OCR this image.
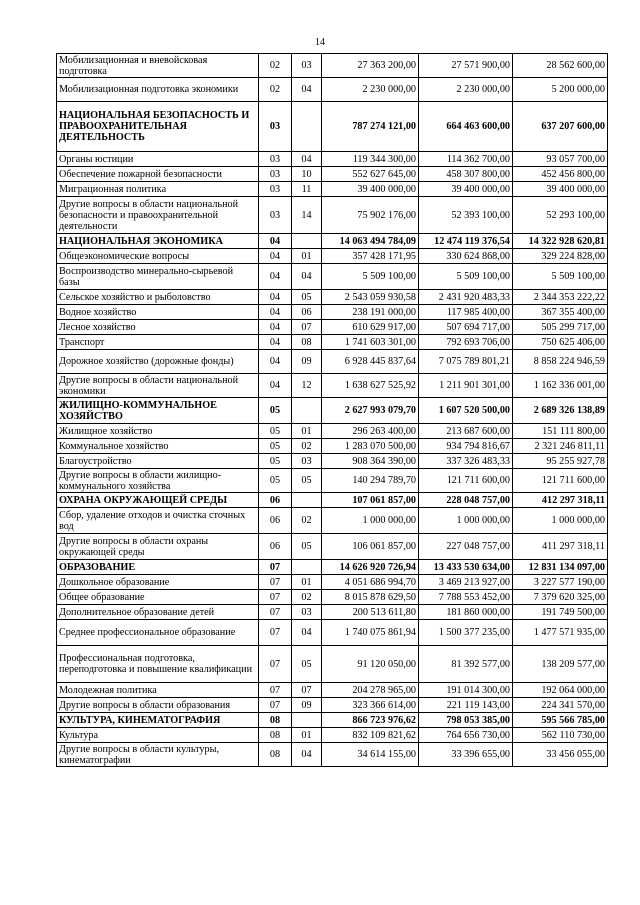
14
Мобилизационная и вневойсковая подготовка	02	03	27 363 200,00	27 571 900,00	28 562 600,00
Мобилизационная подготовка экономики	02	04	2 230 000,00	2 230 000,00	5 200 000,00
НАЦИОНАЛЬНАЯ БЕЗОПАСНОСТЬ И ПРАВООХРАНИТЕЛЬНАЯ ДЕЯТЕЛЬНОСТЬ	03		787 274 121,00	664 463 600,00	637 207 600,00
Органы юстиции	03	04	119 344 300,00	114 362 700,00	93 057 700,00
Обеспечение пожарной безопасности	03	10	552 627 645,00	458 307 800,00	452 456 800,00
Миграционная политика	03	11	39 400 000,00	39 400 000,00	39 400 000,00
Другие вопросы в области национальной безопасности и правоохранительной деятельности	03	14	75 902 176,00	52 393 100,00	52 293 100,00
НАЦИОНАЛЬНАЯ ЭКОНОМИКА	04		14 063 494 784,09	12 474 119 376,54	14 322 928 620,81
Общеэкономические вопросы	04	01	357 428 171,95	330 624 868,00	329 224 828,00
Воспроизводство минерально-сырьевой базы	04	04	5 509 100,00	5 509 100,00	5 509 100,00
Сельское хозяйство и рыболовство	04	05	2 543 059 930,58	2 431 920 483,33	2 344 353 222,22
Водное хозяйство	04	06	238 191 000,00	117 985 400,00	367 355 400,00
Лесное хозяйство	04	07	610 629 917,00	507 694 717,00	505 299 717,00
Транспорт	04	08	1 741 603 301,00	792 693 706,00	750 625 406,00
Дорожное хозяйство (дорожные фонды)	04	09	6 928 445 837,64	7 075 789 801,21	8 858 224 946,59
Другие вопросы в области национальной экономики	04	12	1 638 627 525,92	1 211 901 301,00	1 162 336 001,00
ЖИЛИЩНО-КОММУНАЛЬНОЕ ХОЗЯЙСТВО	05		2 627 993 079,70	1 607 520 500,00	2 689 326 138,89
Жилищное хозяйство	05	01	296 263 400,00	213 687 600,00	151 111 800,00
Коммунальное хозяйство	05	02	1 283 070 500,00	934 794 816,67	2 321 246 811,11
Благоустройство	05	03	908 364 390,00	337 326 483,33	95 255 927,78
Другие вопросы в области жилищно-коммунального хозяйства	05	05	140 294 789,70	121 711 600,00	121 711 600,00
ОХРАНА ОКРУЖАЮЩЕЙ СРЕДЫ	06		107 061 857,00	228 048 757,00	412 297 318,11
Сбор, удаление отходов и очистка сточных вод	06	02	1 000 000,00	1 000 000,00	1 000 000,00
Другие вопросы в области охраны окружающей среды	06	05	106 061 857,00	227 048 757,00	411 297 318,11
ОБРАЗОВАНИЕ	07		14 626 920 726,94	13 433 530 634,00	12 831 134 097,00
Дошкольное образование	07	01	4 051 686 994,70	3 469 213 927,00	3 227 577 190,00
Общее образование	07	02	8 015 878 629,50	7 788 553 452,00	7 379 620 325,00
Дополнительное образование детей	07	03	200 513 611,80	181 860 000,00	191 749 500,00
Среднее профессиональное образование	07	04	1 740 075 861,94	1 500 377 235,00	1 477 571 935,00
Профессиональная подготовка, переподготовка и повышение квалификации	07	05	91 120 050,00	81 392 577,00	138 209 577,00
Молодежная политика	07	07	204 278 965,00	191 014 300,00	192 064 000,00
Другие вопросы в области образования	07	09	323 366 614,00	221 119 143,00	224 341 570,00
КУЛЬТУРА, КИНЕМАТОГРАФИЯ	08		866 723 976,62	798 053 385,00	595 566 785,00
Культура	08	01	832 109 821,62	764 656 730,00	562 110 730,00
Другие вопросы в области культуры, кинематографии	08	04	34 614 155,00	33 396 655,00	33 456 055,00
